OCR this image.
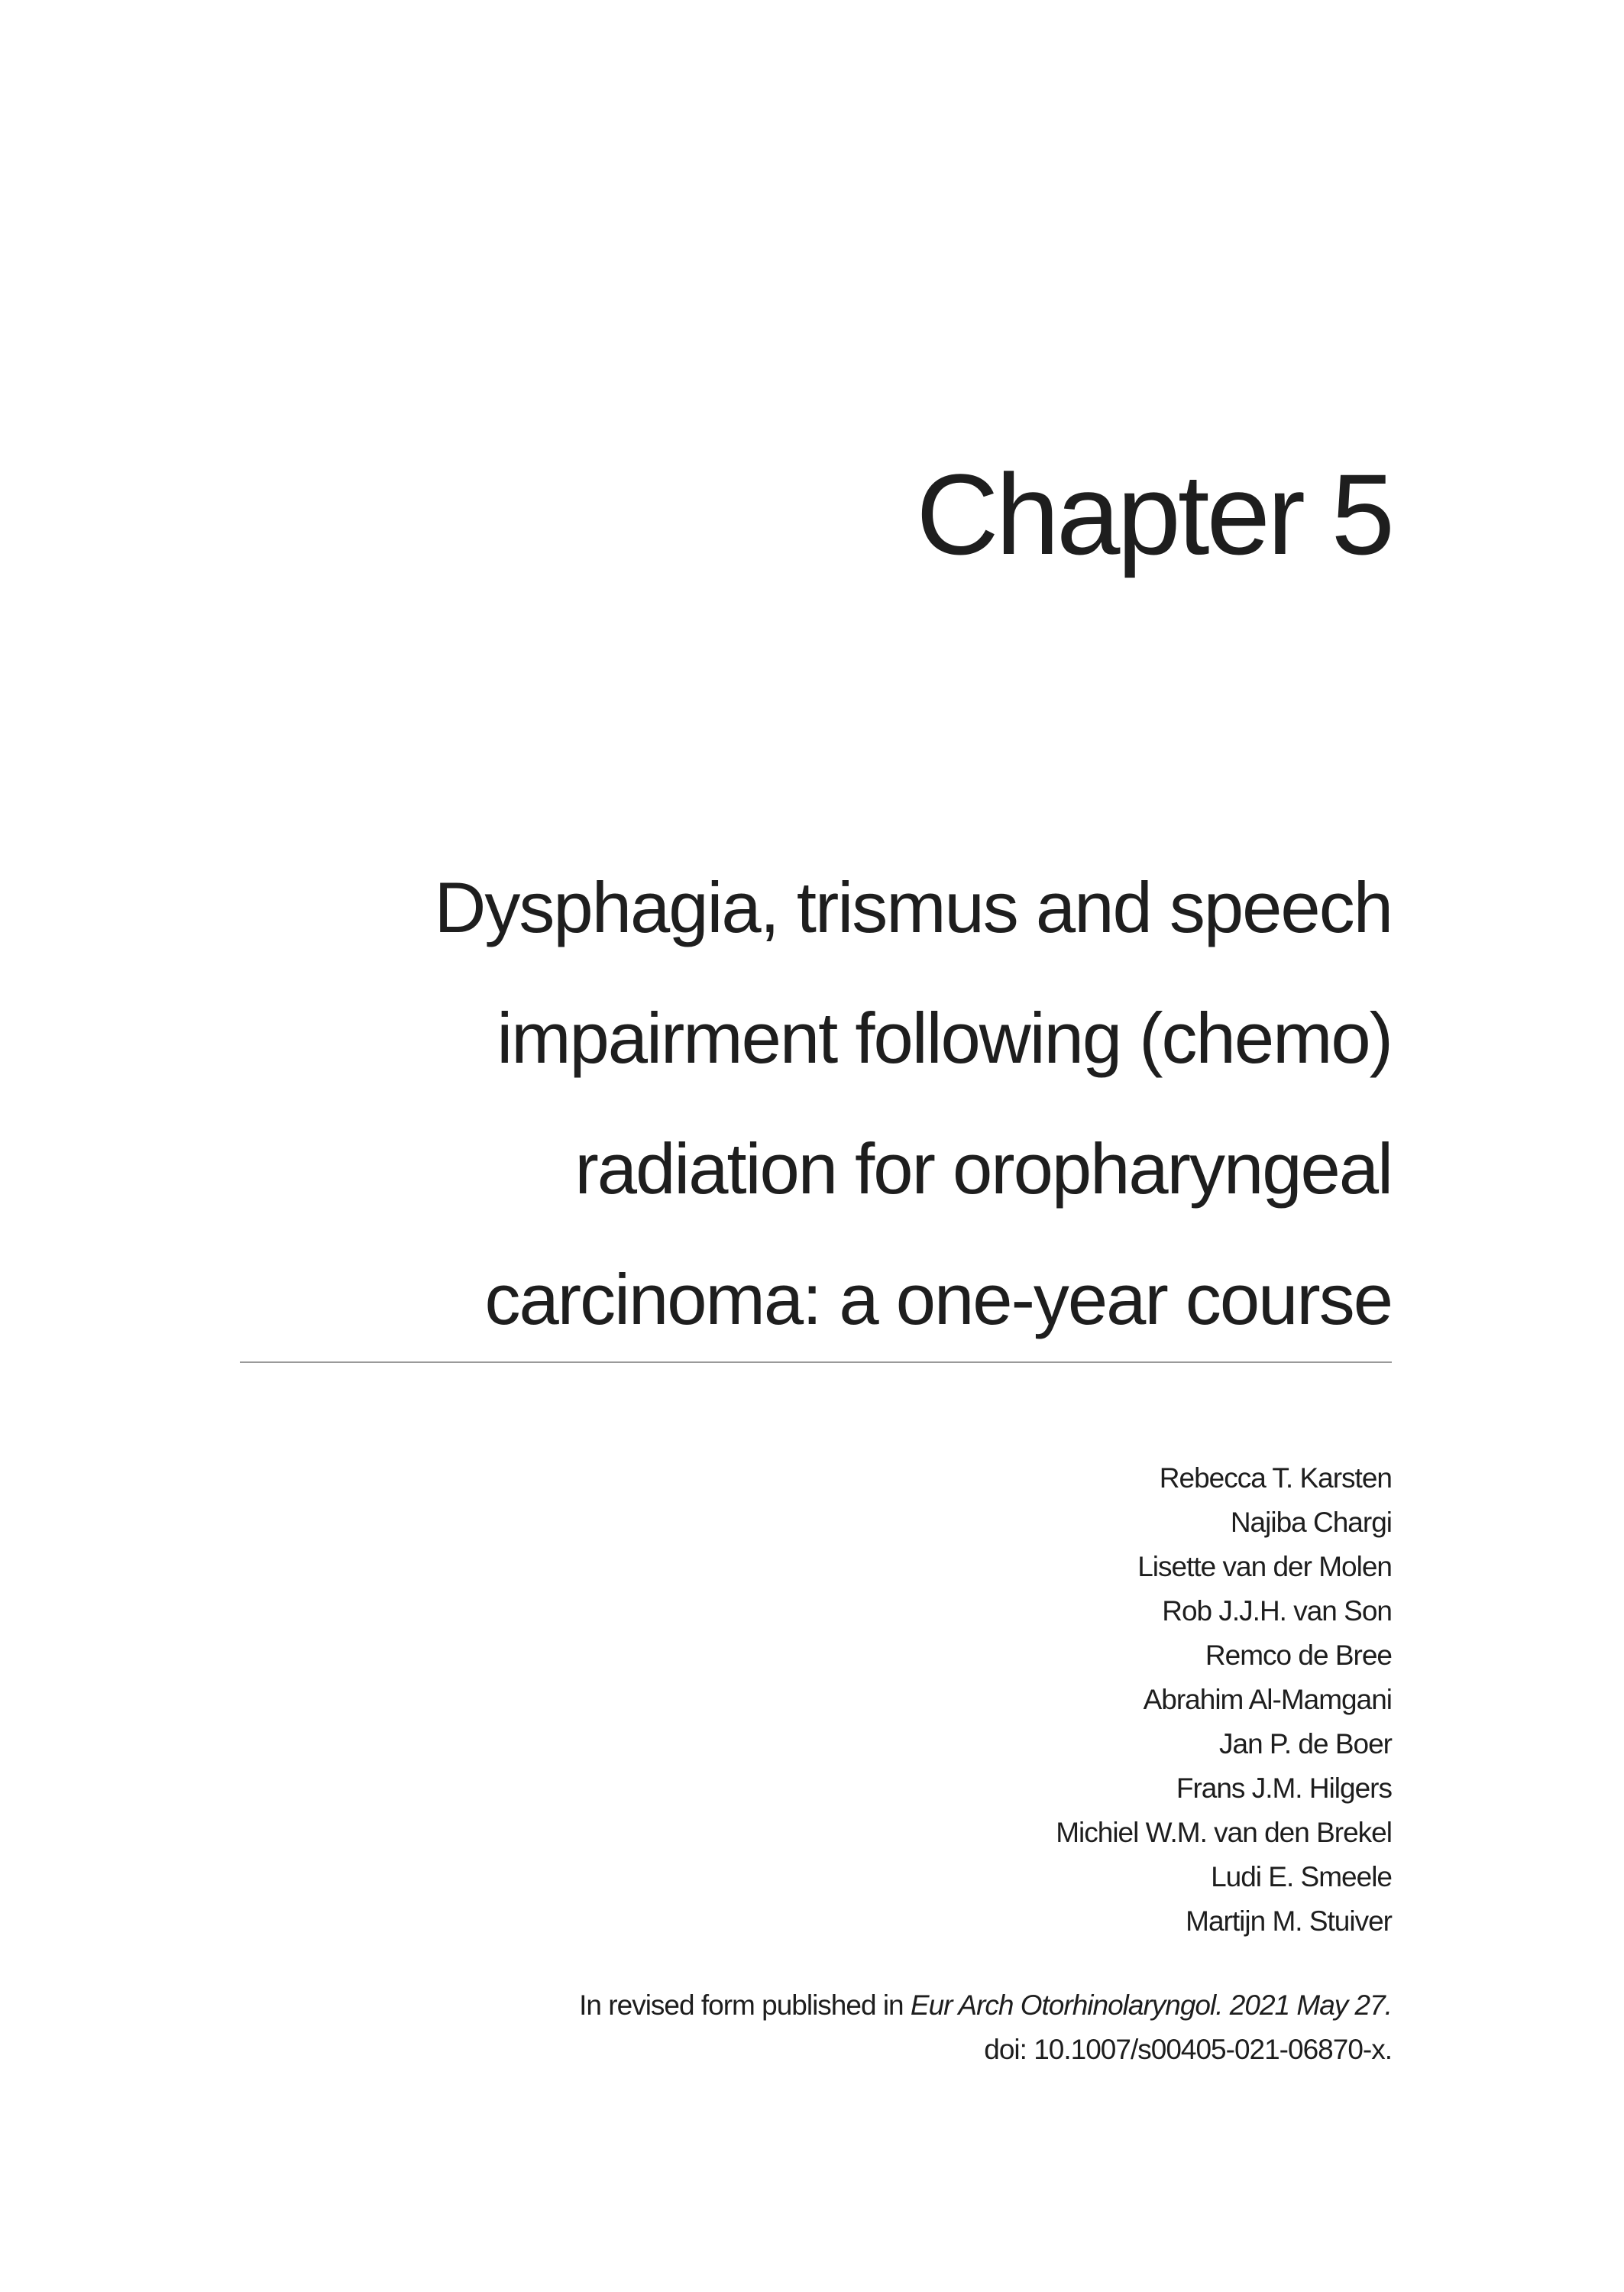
Chapter 5
Dysphagia, trismus and speech
impairment following (chemo)
radiation for oropharyngeal
carcinoma: a one-year course
Rebecca T. Karsten
Najiba Chargi
Lisette van der Molen
Rob J.J.H. van Son
Remco de Bree
Abrahim Al-Mamgani
Jan P. de Boer
Frans J.M. Hilgers
Michiel W.M. van den Brekel
Ludi E. Smeele
Martijn M. Stuiver
In revised form published in Eur Arch Otorhinolaryngol. 2021 May 27.
doi: 10.1007/s00405-021-06870-x.
